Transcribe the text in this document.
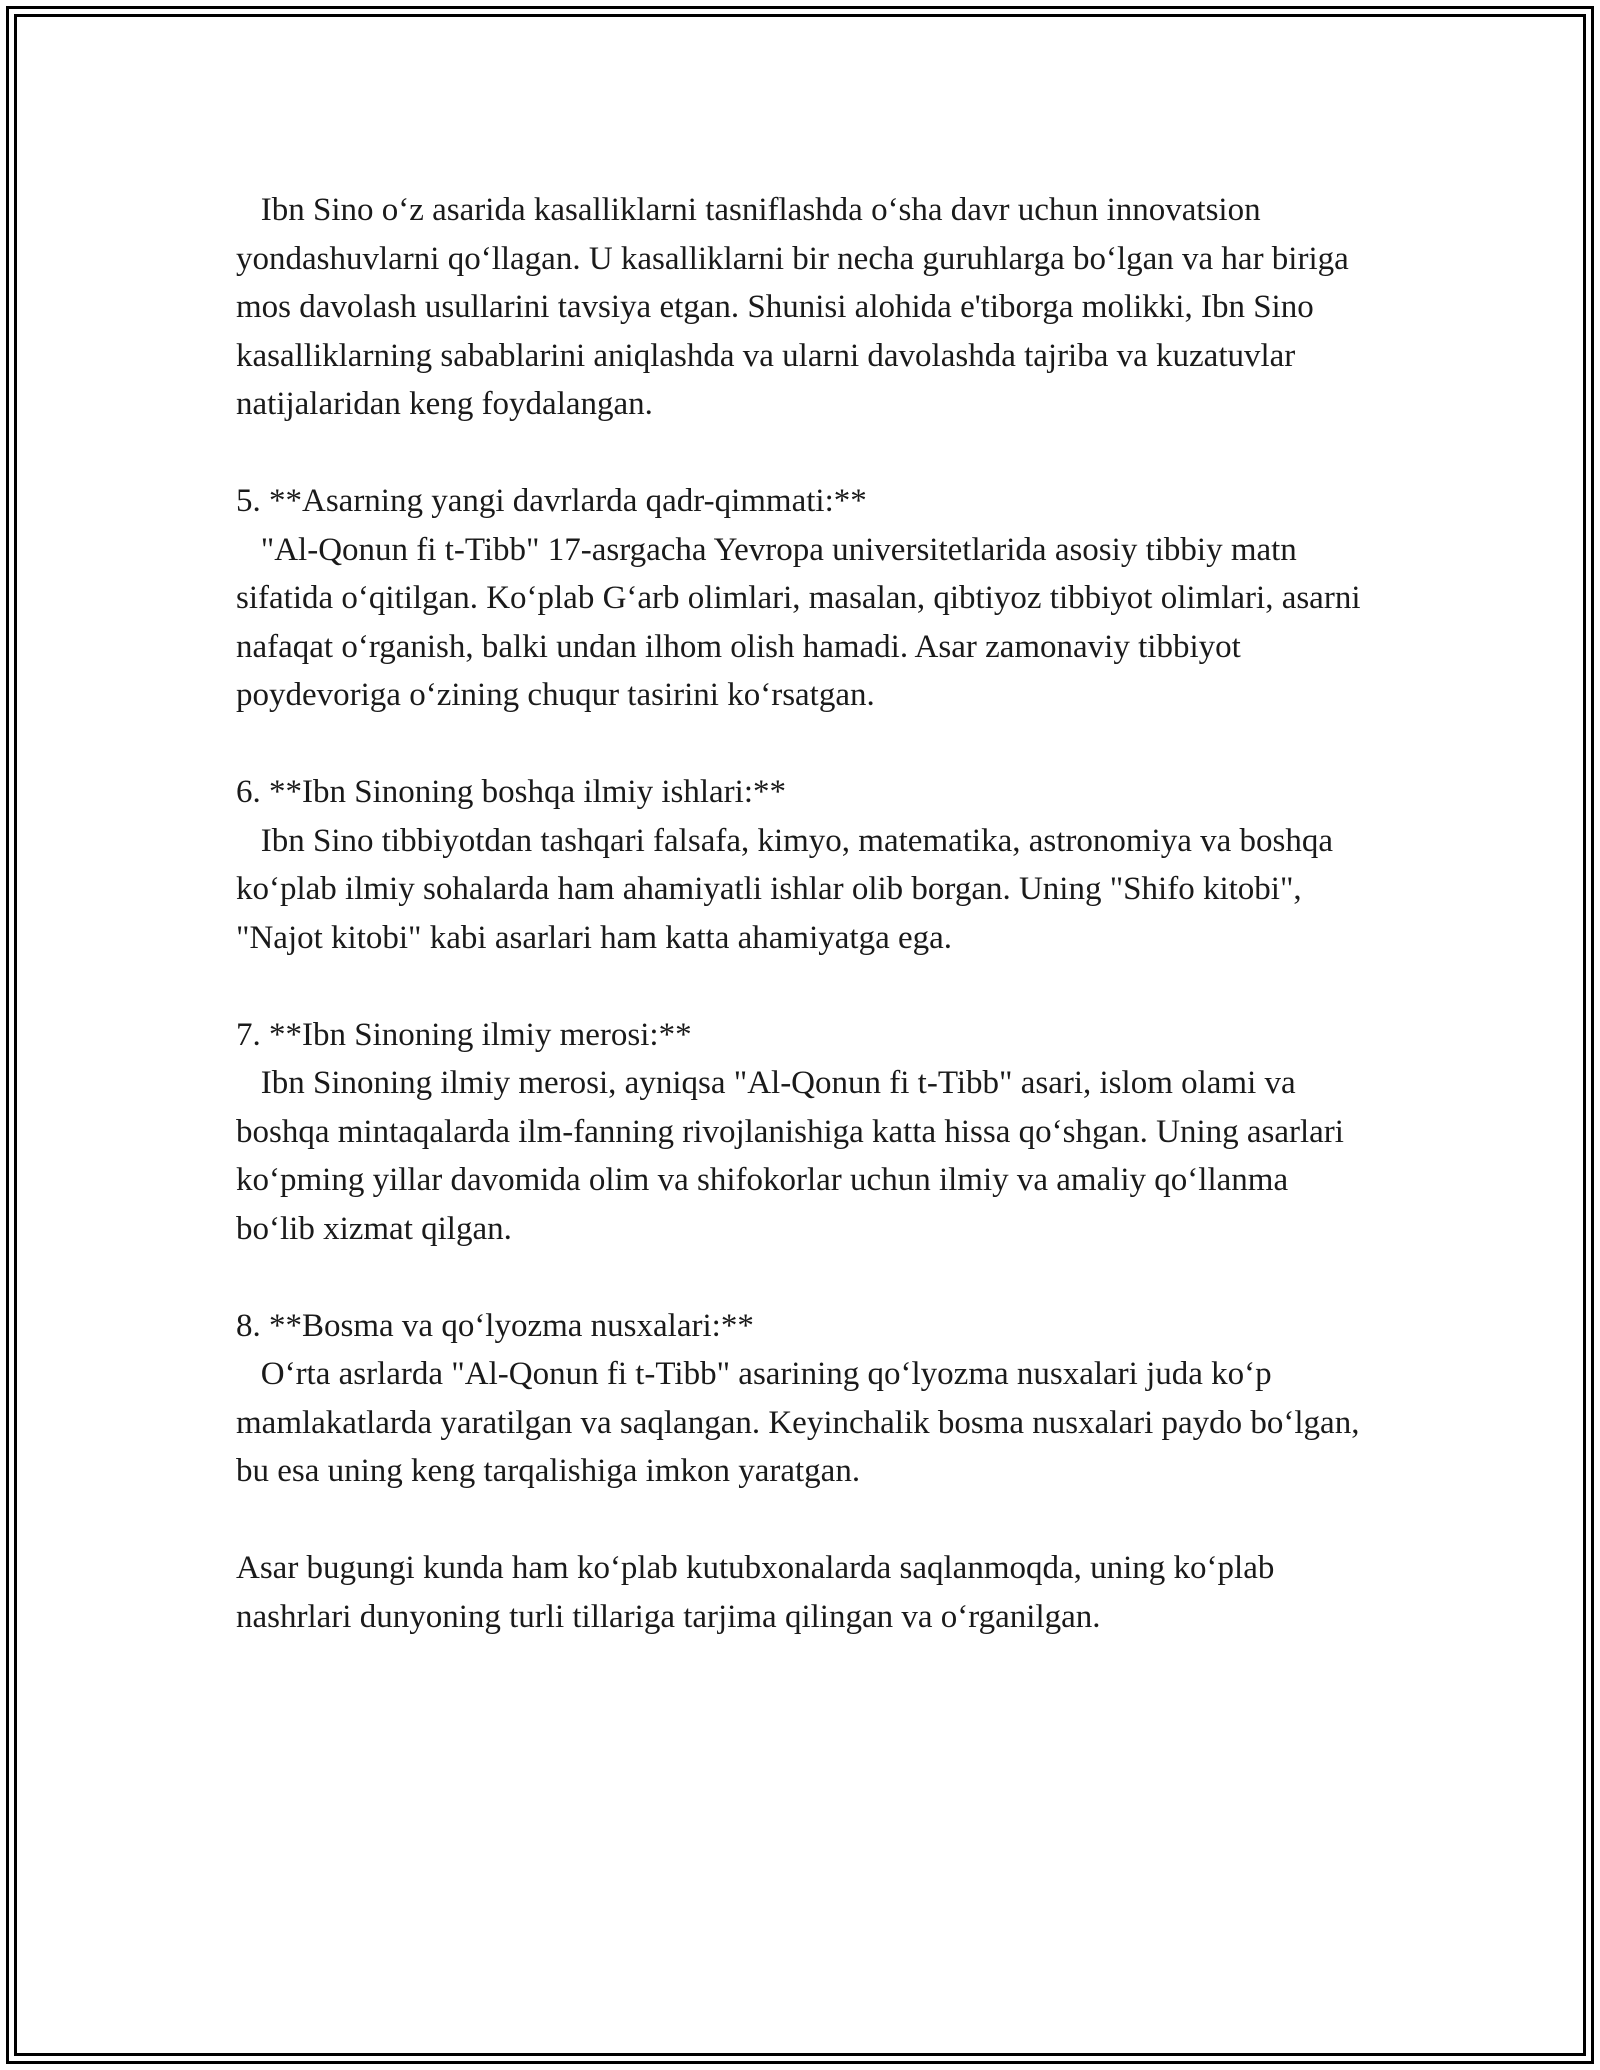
Ibn Sino o‘z asarida kasalliklarni tasniflashda o‘sha davr uchun innovatsion yondashuvlarni qo‘llagan. U kasalliklarni bir necha guruhlarga bo‘lgan va har biriga mos davolash usullarini tavsiya etgan. Shunisi alohida e'tiborga molikki, Ibn Sino kasalliklarning sabablarini aniqlashda va ularni davolashda tajriba va kuzatuvlar natijalaridan keng foydalangan.

5. **Asarning yangi davrlarda qadr-qimmati:**

"Al-Qonun fi t-Tibb" 17-asrgacha Yevropa universitetlarida asosiy tibbiy matn sifatida o‘qitilgan. Ko‘plab G‘arb olimlari, masalan, qibtiyoz tibbiyot olimlari, asarni nafaqat o‘rganish, balki undan ilhom olish hamadi. Asar zamonaviy tibbiyot poydevoriga o‘zining chuqur tasirini ko‘rsatgan.

6. **Ibn Sinoning boshqa ilmiy ishlari:**

Ibn Sino tibbiyotdan tashqari falsafa, kimyo, matematika, astronomiya va boshqa ko‘plab ilmiy sohalarda ham ahamiyatli ishlar olib borgan. Uning "Shifo kitobi", "Najot kitobi" kabi asarlari ham katta ahamiyatga ega.

7. **Ibn Sinoning ilmiy merosi:**

Ibn Sinoning ilmiy merosi, ayniqsa "Al-Qonun fi t-Tibb" asari, islom olami va boshqa mintaqalarda ilm-fanning rivojlanishiga katta hissa qo‘shgan. Uning asarlari ko‘pming yillar davomida olim va shifokorlar uchun ilmiy va amaliy qo‘llanma bo‘lib xizmat qilgan.

8. **Bosma va qo‘lyozma nusxalari:**

O‘rta asrlarda "Al-Qonun fi t-Tibb" asarining qo‘lyozma nusxalari juda ko‘p mamlakatlarda yaratilgan va saqlangan. Keyinchalik bosma nusxalari paydo bo‘lgan, bu esa uning keng tarqalishiga imkon yaratgan.

Asar bugungi kunda ham ko‘plab kutubxonalarda saqlanmoqda, uning ko‘plab nashrlari dunyoning turli tillariga tarjima qilingan va o‘rganilgan.
